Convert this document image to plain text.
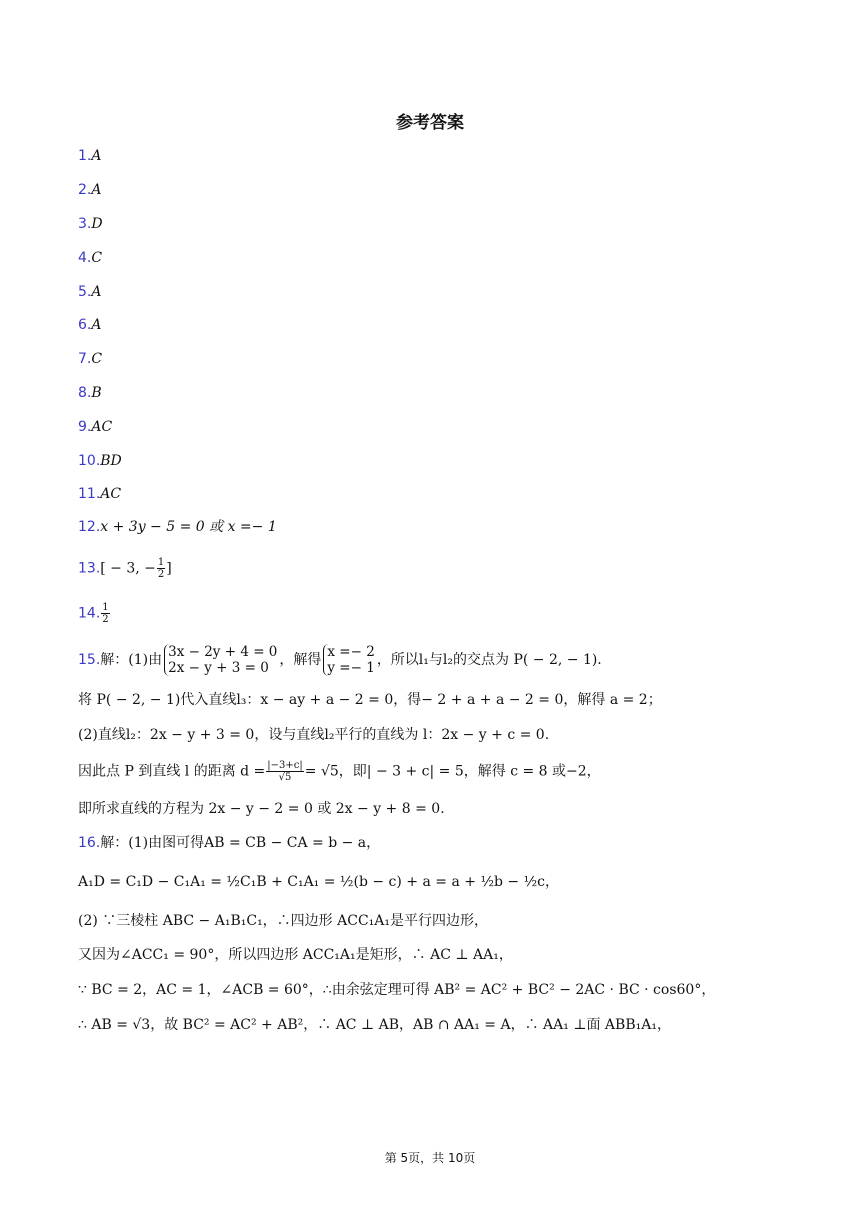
参考答案
1.A
2.A
3.D
4.C
5.A
6.A
7.C
8.B
9.AC
10.BD
11.AC
12.x + 3y − 5 = 0 或 x =− 1
13.[ − 3, − $\frac{1}{2}$ ]
14. $\frac{1}{2}$
15.解：(1)由 3x − 2y + 4 = 0
2x − y + 3 = 0 ，解得 x =− 2
y =− 1 ，所以l₁与l₂的交点为 P( − 2, − 1).
将 P( − 2, − 1)代入直线l₃：x − ay + a − 2 = 0，得− 2 + a + a − 2 = 0，解得 a = 2；
(2)直线l₂：2x − y + 3 = 0，设与直线l₂平行的直线为 l：2x − y + c = 0.
因此点 P 到直线 l 的距离 $d = \frac{|-3+c|}{√5} = √5$，即| − 3 + c| = 5，解得 c = 8 或−2，
即所求直线的方程为 2x − y − 2 = 0 或 2x − y + 8 = 0.
16.解：(1)由图可得AB = CB − CA = b − a，
A₁D = C₁D − C₁A₁ = ½C₁B + C₁A₁ = ½(b − c) + a = a + ½b − ½c，
(2) ∵三棱柱 ABC − A₁B₁C₁，∴四边形 ACC₁A₁是平行四边形，
又因为∠ACC₁ = 90°，所以四边形 ACC₁A₁是矩形，∴ AC ⊥ AA₁，
∵ BC = 2，AC = 1，∠ACB = 60°，∴由余弦定理可得 AB² = AC² + BC² − 2AC · BC · cos60°，
∴ AB = √3，故 BC² = AC² + AB²，∴ AC ⊥ AB，AB ∩ AA₁ = A，∴ AA₁ ⊥面 ABB₁A₁，
第 5页，共 10页
